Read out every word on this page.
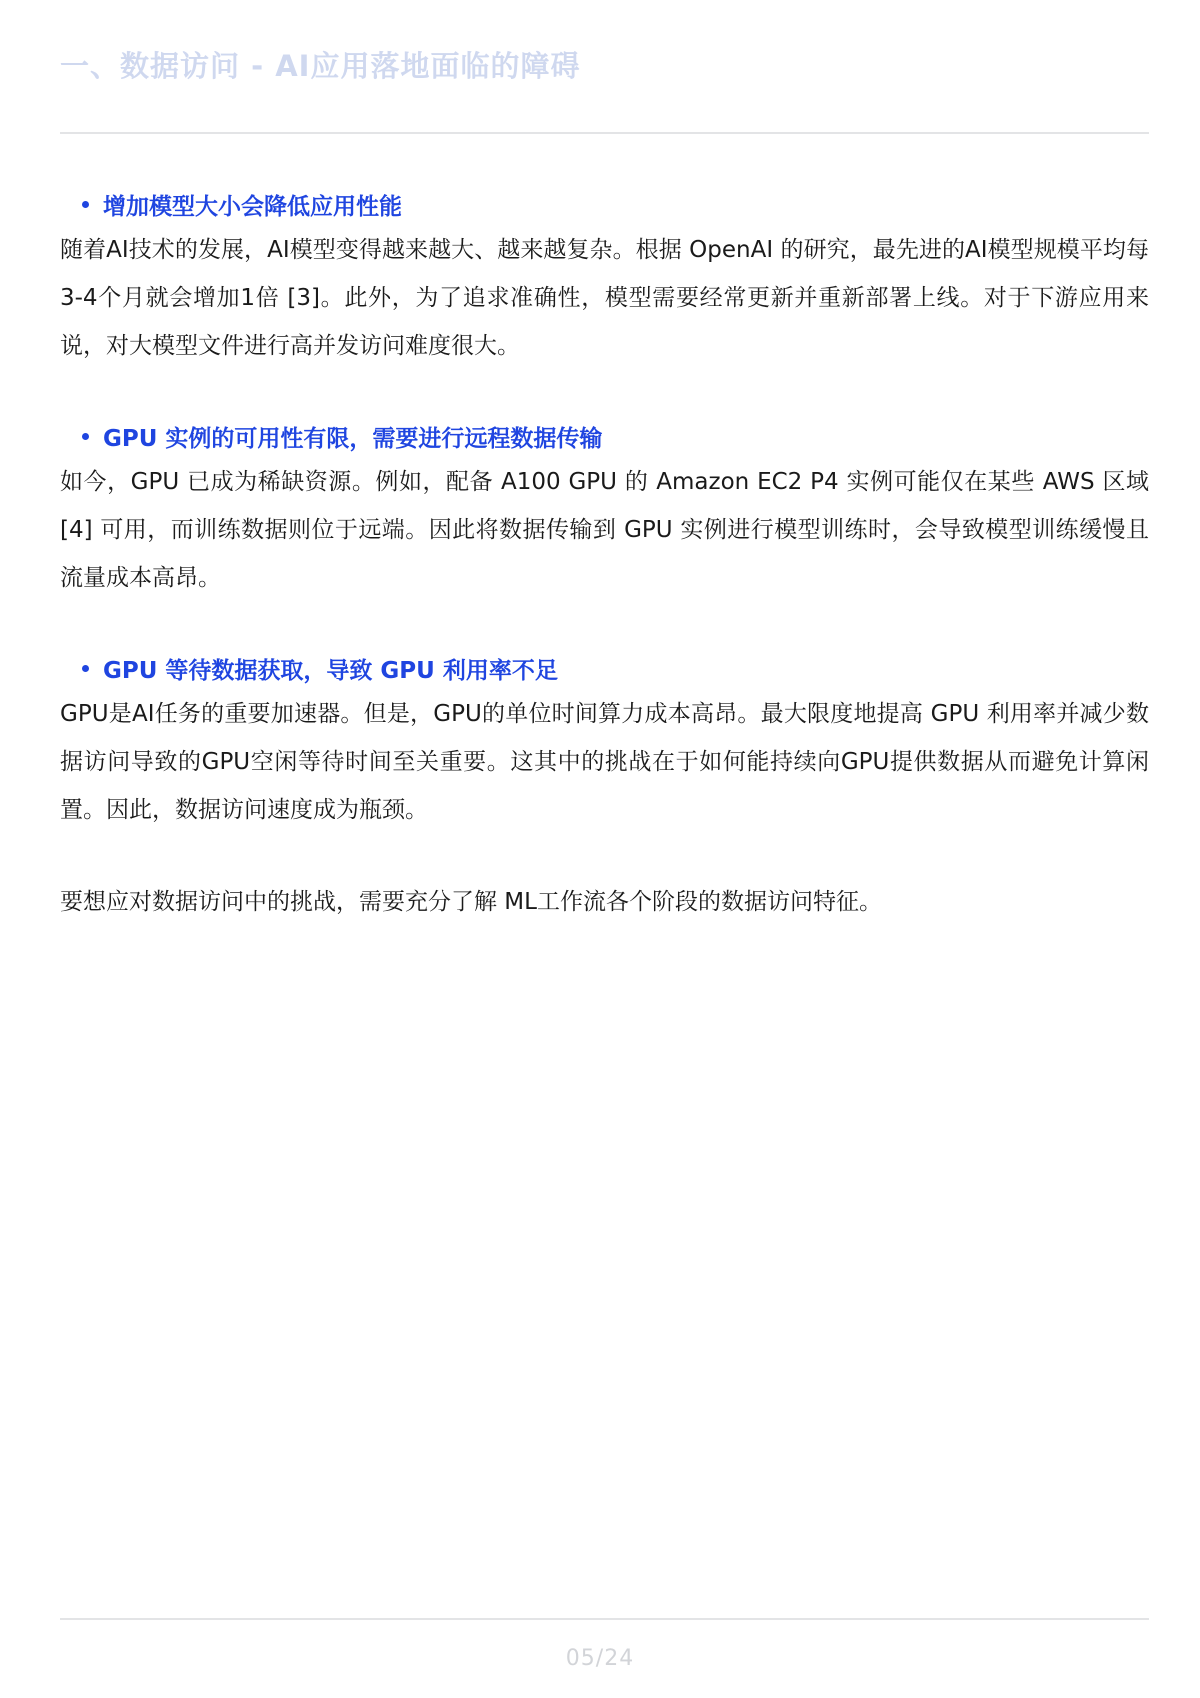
一、数据访问 - AI应用落地面临的障碍
增加模型大小会降低应用性能

随着AI技术的发展，AI模型变得越来越大、越来越复杂。根据 OpenAI 的研究，最先进的AI模型规模平均每3-4个月就会增加1倍 [3]。此外，为了追求准确性，模型需要经常更新并重新部署上线。对于下游应用来说，对大模型文件进行高并发访问难度很大。

GPU 实例的可用性有限，需要进行远程数据传输

如今，GPU 已成为稀缺资源。例如，配备 A100 GPU 的 Amazon EC2 P4 实例可能仅在某些 AWS 区域 [4] 可用，而训练数据则位于远端。因此将数据传输到 GPU 实例进行模型训练时，会导致模型训练缓慢且流量成本高昂。

GPU 等待数据获取，导致 GPU 利用率不足

GPU是AI任务的重要加速器。但是，GPU的单位时间算力成本高昂。最大限度地提高 GPU 利用率并减少数据访问导致的GPU空闲等待时间至关重要。这其中的挑战在于如何能持续向GPU提供数据从而避免计算闲置。因此，数据访问速度成为瓶颈。

要想应对数据访问中的挑战，需要充分了解 ML工作流各个阶段的数据访问特征。

05/24
